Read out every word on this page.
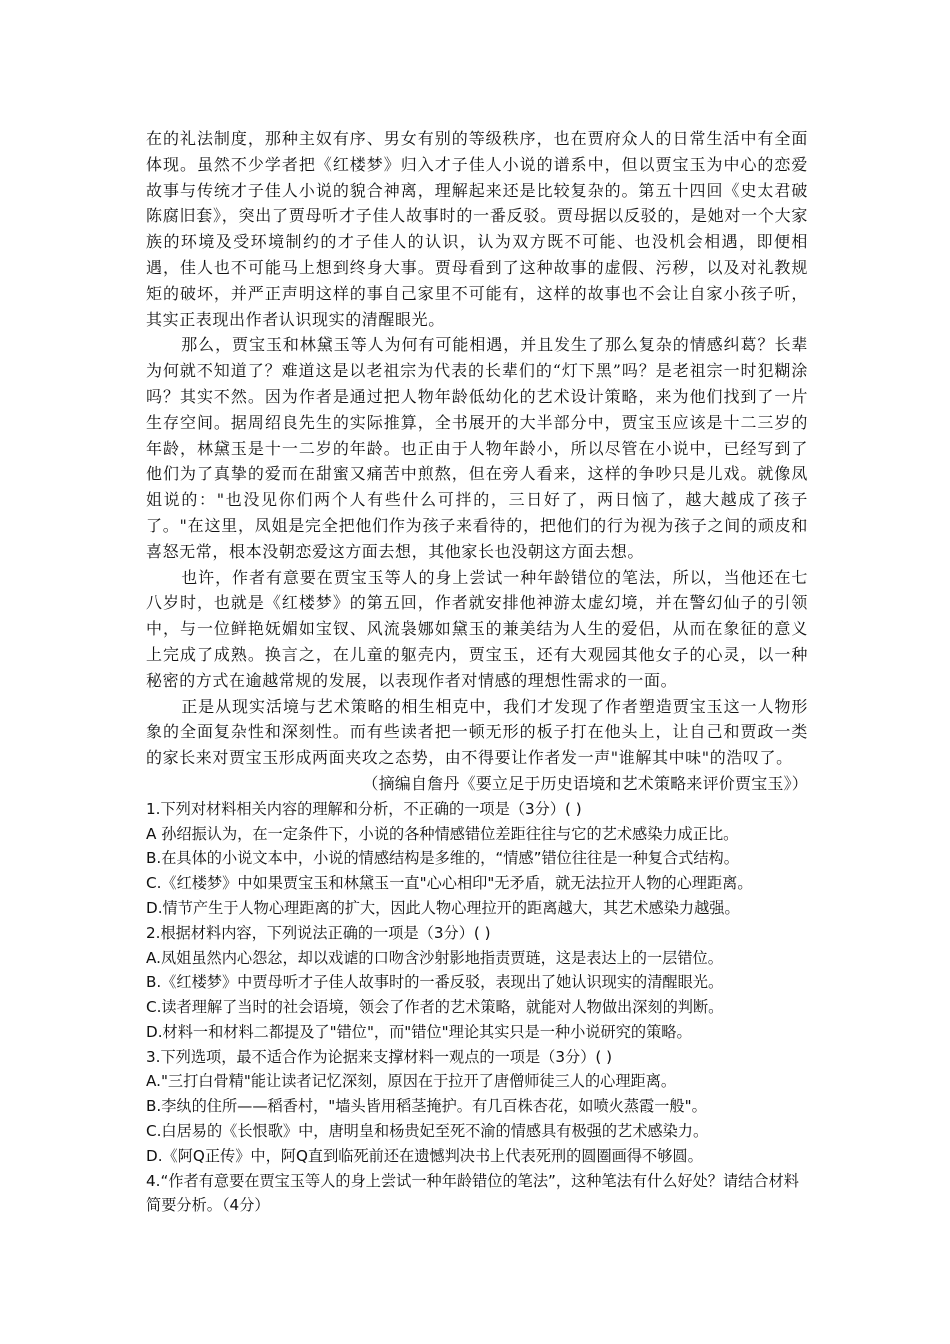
在的礼法制度，那种主奴有序、男女有别的等级秩序，也在贾府众人的日常生活中有全面体现。虽然不少学者把《红楼梦》归入才子佳人小说的谱系中，但以贾宝玉为中心的恋爱故事与传统才子佳人小说的貌合神离，理解起来还是比较复杂的。第五十四回《史太君破陈腐旧套》，突出了贾母听才子佳人故事时的一番反驳。贾母据以反驳的，是她对一个大家族的环境及受环境制约的才子佳人的认识，认为双方既不可能、也没机会相遇，即便相遇，佳人也不可能马上想到终身大事。贾母看到了这种故事的虚假、污秽，以及对礼教规矩的破坏，并严正声明这样的事自己家里不可能有，这样的故事也不会让自家小孩子听，其实正表现出作者认识现实的清醒眼光。

那么，贾宝玉和林黛玉等人为何有可能相遇，并且发生了那么复杂的情感纠葛？长辈为何就不知道了？难道这是以老祖宗为代表的长辈们的“灯下黑”吗？是老祖宗一时犯糊涂吗？其实不然。因为作者是通过把人物年龄低幼化的艺术设计策略，来为他们找到了一片生存空间。据周绍良先生的实际推算，全书展开的大半部分中，贾宝玉应该是十二三岁的年龄，林黛玉是十一二岁的年龄。也正由于人物年龄小，所以尽管在小说中，已经写到了他们为了真挚的爱而在甜蜜又痛苦中煎熬，但在旁人看来，这样的争吵只是儿戏。就像凤姐说的："也没见你们两个人有些什么可拌的，三日好了，两日恼了，越大越成了孩子了。"在这里，凤姐是完全把他们作为孩子来看待的，把他们的行为视为孩子之间的顽皮和喜怒无常，根本没朝恋爱这方面去想，其他家长也没朝这方面去想。

也许，作者有意要在贾宝玉等人的身上尝试一种年龄错位的笔法，所以，当他还在七八岁时，也就是《红楼梦》的第五回，作者就安排他神游太虚幻境，并在警幻仙子的引领中，与一位鲜艳妩媚如宝钗、风流袅娜如黛玉的兼美结为人生的爱侣，从而在象征的意义上完成了成熟。换言之，在儿童的躯壳内，贾宝玉，还有大观园其他女子的心灵，以一种秘密的方式在逾越常规的发展，以表现作者对情感的理想性需求的一面。

正是从现实活境与艺术策略的相生相克中，我们才发现了作者塑造贾宝玉这一人物形象的全面复杂性和深刻性。而有些读者把一顿无形的板子打在他头上，让自己和贾政一类的家长来对贾宝玉形成两面夹攻之态势，由不得要让作者发一声"谁解其中味"的浩叹了。

（摘编自詹丹《要立足于历史语境和艺术策略来评价贾宝玉》）

1.下列对材料相关内容的理解和分析，不正确的一项是（3分）( )

A 孙绍振认为，在一定条件下，小说的各种情感错位差距往往与它的艺术感染力成正比。

B.在具体的小说文本中，小说的情感结构是多维的，“情感”错位往往是一种复合式结构。

C.《红楼梦》中如果贾宝玉和林黛玉一直"心心相印"无矛盾，就无法拉开人物的心理距离。

D.情节产生于人物心理距离的扩大，因此人物心理拉开的距离越大，其艺术感染力越强。

2.根据材料内容，下列说法正确的一项是（3分）( )

A.凤姐虽然内心怨忿，却以戏谑的口吻含沙射影地指责贾琏，这是表达上的一层错位。

B.《红楼梦》中贾母听才子佳人故事时的一番反驳，表现出了她认识现实的清醒眼光。

C.读者理解了当时的社会语境，领会了作者的艺术策略，就能对人物做出深刻的判断。

D.材料一和材料二都提及了"错位"，而"错位"理论其实只是一种小说研究的策略。

3.下列选项，最不适合作为论据来支撑材料一观点的一项是（3分）( )

A."三打白骨精"能让读者记忆深刻，原因在于拉开了唐僧师徒三人的心理距离。

B.李纨的住所——稻香村，"墙头皆用稻茎掩护。有几百株杏花，如喷火蒸霞一般"。

C.白居易的《长恨歌》中，唐明皇和杨贵妃至死不渝的情感具有极强的艺术感染力。

D.《阿Q正传》中，阿Q直到临死前还在遗憾判决书上代表死刑的圆圈画得不够圆。

4.“作者有意要在贾宝玉等人的身上尝试一种年龄错位的笔法”，这种笔法有什么好处？请结合材料简要分析。（4分）
